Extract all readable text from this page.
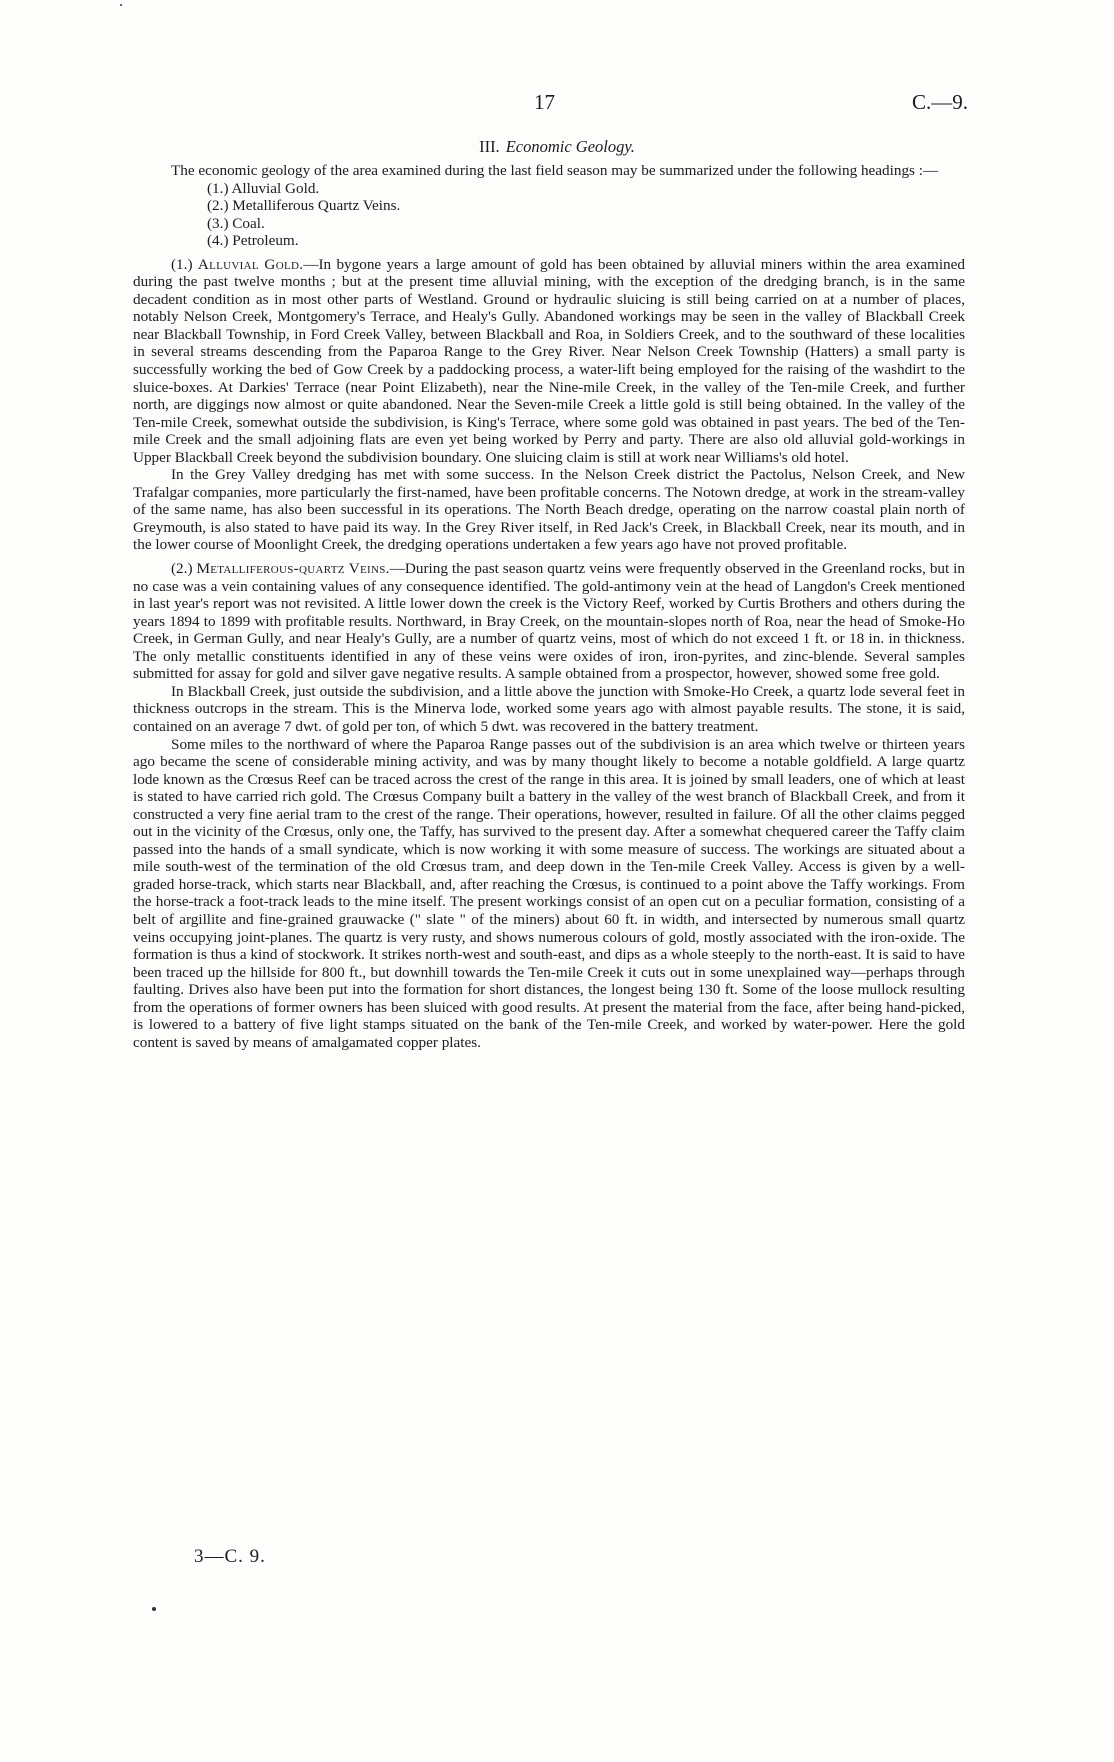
17	C.—9.
III. Economic Geology.

The economic geology of the area examined during the last field season may be summarized under the following headings :—

(1.) Alluvial Gold.
(2.) Metalliferous Quartz Veins.
(3.) Coal.
(4.) Petroleum.

(1.) Alluvial Gold.—In bygone years a large amount of gold has been obtained by alluvial miners within the area examined during the past twelve months ; but at the present time alluvial mining, with the exception of the dredging branch, is in the same decadent condition as in most other parts of Westland. Ground or hydraulic sluicing is still being carried on at a number of places, notably Nelson Creek, Montgomery's Terrace, and Healy's Gully. Abandoned workings may be seen in the valley of Blackball Creek near Blackball Township, in Ford Creek Valley, between Blackball and Roa, in Soldiers Creek, and to the southward of these localities in several streams descending from the Paparoa Range to the Grey River. Near Nelson Creek Township (Hatters) a small party is successfully working the bed of Gow Creek by a paddocking process, a water-lift being employed for the raising of the washdirt to the sluice-boxes. At Darkies' Terrace (near Point Elizabeth), near the Nine-mile Creek, in the valley of the Ten-mile Creek, and further north, are diggings now almost or quite abandoned. Near the Seven-mile Creek a little gold is still being obtained. In the valley of the Ten-mile Creek, somewhat outside the subdivision, is King's Terrace, where some gold was obtained in past years. The bed of the Ten-mile Creek and the small adjoining flats are even yet being worked by Perry and party. There are also old alluvial gold-workings in Upper Blackball Creek beyond the subdivision boundary. One sluicing claim is still at work near Williams's old hotel.

In the Grey Valley dredging has met with some success. In the Nelson Creek district the Pactolus, Nelson Creek, and New Trafalgar companies, more particularly the first-named, have been profitable concerns. The Notown dredge, at work in the stream-valley of the same name, has also been successful in its operations. The North Beach dredge, operating on the narrow coastal plain north of Greymouth, is also stated to have paid its way. In the Grey River itself, in Red Jack's Creek, in Blackball Creek, near its mouth, and in the lower course of Moonlight Creek, the dredging operations undertaken a few years ago have not proved profitable.

(2.) Metalliferous-quartz Veins.—During the past season quartz veins were frequently observed in the Greenland rocks, but in no case was a vein containing values of any consequence identified. The gold-antimony vein at the head of Langdon's Creek mentioned in last year's report was not revisited. A little lower down the creek is the Victory Reef, worked by Curtis Brothers and others during the years 1894 to 1899 with profitable results. Northward, in Bray Creek, on the mountain-slopes north of Roa, near the head of Smoke-Ho Creek, in German Gully, and near Healy's Gully, are a number of quartz veins, most of which do not exceed 1 ft. or 18 in. in thickness. The only metallic constituents identified in any of these veins were oxides of iron, iron-pyrites, and zinc-blende. Several samples submitted for assay for gold and silver gave negative results. A sample obtained from a prospector, however, showed some free gold.

In Blackball Creek, just outside the subdivision, and a little above the junction with Smoke-Ho Creek, a quartz lode several feet in thickness outcrops in the stream. This is the Minerva lode, worked some years ago with almost payable results. The stone, it is said, contained on an average 7 dwt. of gold per ton, of which 5 dwt. was recovered in the battery treatment.

Some miles to the northward of where the Paparoa Range passes out of the subdivision is an area which twelve or thirteen years ago became the scene of considerable mining activity, and was by many thought likely to become a notable goldfield. A large quartz lode known as the Crœsus Reef can be traced across the crest of the range in this area. It is joined by small leaders, one of which at least is stated to have carried rich gold. The Crœsus Company built a battery in the valley of the west branch of Blackball Creek, and from it constructed a very fine aerial tram to the crest of the range. Their operations, however, resulted in failure. Of all the other claims pegged out in the vicinity of the Crœsus, only one, the Taffy, has survived to the present day. After a somewhat chequered career the Taffy claim passed into the hands of a small syndicate, which is now working it with some measure of success. The workings are situated about a mile south-west of the termination of the old Crœsus tram, and deep down in the Ten-mile Creek Valley. Access is given by a well-graded horse-track, which starts near Blackball, and, after reaching the Crœsus, is continued to a point above the Taffy workings. From the horse-track a foot-track leads to the mine itself. The present workings consist of an open cut on a peculiar formation, consisting of a belt of argillite and fine-grained grauwacke (" slate " of the miners) about 60 ft. in width, and intersected by numerous small quartz veins occupying joint-planes. The quartz is very rusty, and shows numerous colours of gold, mostly associated with the iron-oxide. The formation is thus a kind of stockwork. It strikes north-west and south-east, and dips as a whole steeply to the north-east. It is said to have been traced up the hillside for 800 ft., but downhill towards the Ten-mile Creek it cuts out in some unexplained way—perhaps through faulting. Drives also have been put into the formation for short distances, the longest being 130 ft. Some of the loose mullock resulting from the operations of former owners has been sluiced with good results. At present the material from the face, after being hand-picked, is lowered to a battery of five light stamps situated on the bank of the Ten-mile Creek, and worked by water-power. Here the gold content is saved by means of amalgamated copper plates.

3—C. 9.
